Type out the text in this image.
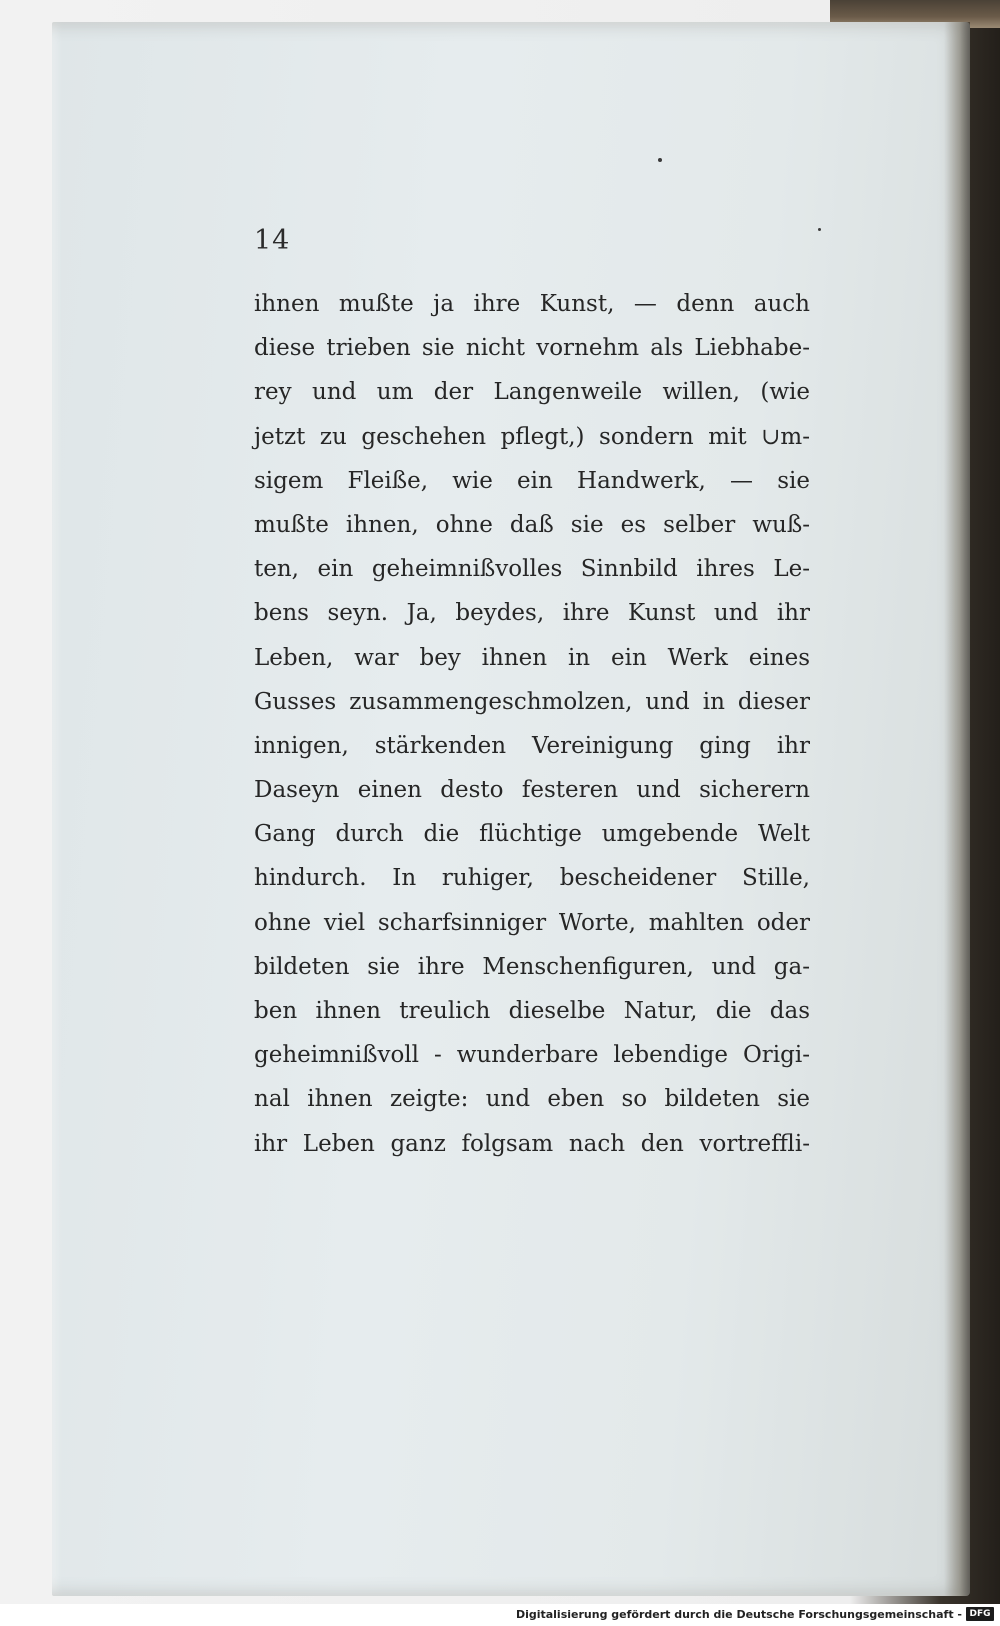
14
ihnen mußte ja ihre Kunst, — denn auch
diese trieben sie nicht vornehm als Liebhabe-
rey und um der Langenweile willen, (wie
jetzt zu geschehen pflegt,) sondern mit ∪m-
sigem Fleiße, wie ein Handwerk, — sie
mußte ihnen, ohne daß sie es selber wuß-
ten, ein geheimnißvolles Sinnbild ihres Le-
bens seyn. Ja, beydes, ihre Kunst und ihr
Leben, war bey ihnen in ein Werk eines
Gusses zusammengeschmolzen, und in dieser
innigen, stärkenden Vereinigung ging ihr
Daseyn einen desto festeren und sicherern
Gang durch die flüchtige umgebende Welt
hindurch. In ruhiger, bescheidener Stille,
ohne viel scharfsinniger Worte, mahlten oder
bildeten sie ihre Menschenfiguren, und ga-
ben ihnen treulich dieselbe Natur, die das
geheimnißvoll - wunderbare lebendige Origi-
nal ihnen zeigte: und eben so bildeten sie
ihr Leben ganz folgsam nach den vortreffli-
Digitalisierung gefördert durch die Deutsche Forschungsgemeinschaft - DFG
